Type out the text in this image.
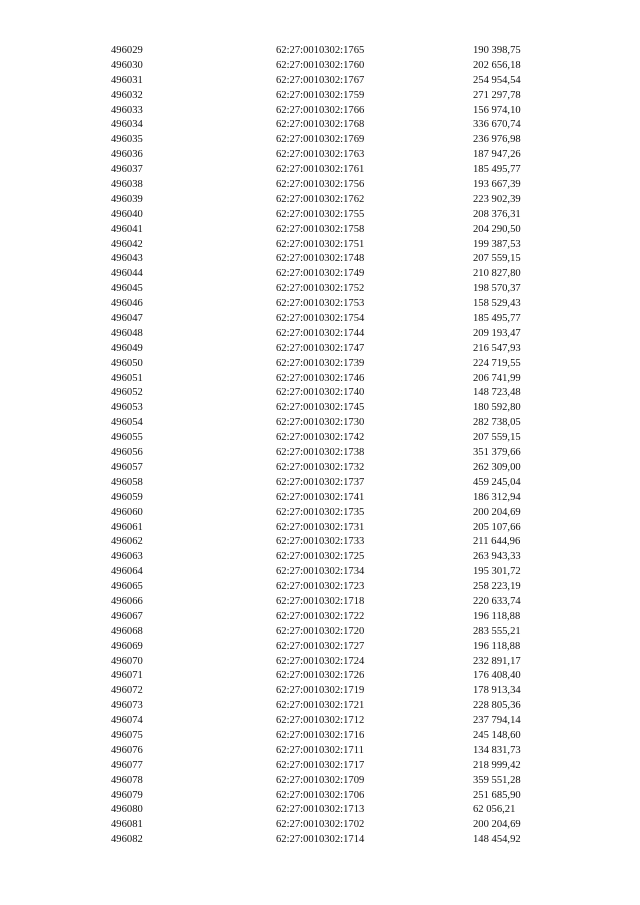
496029	62:27:0010302:1765	190 398,75
496030	62:27:0010302:1760	202 656,18
496031	62:27:0010302:1767	254 954,54
496032	62:27:0010302:1759	271 297,78
496033	62:27:0010302:1766	156 974,10
496034	62:27:0010302:1768	336 670,74
496035	62:27:0010302:1769	236 976,98
496036	62:27:0010302:1763	187 947,26
496037	62:27:0010302:1761	185 495,77
496038	62:27:0010302:1756	193 667,39
496039	62:27:0010302:1762	223 902,39
496040	62:27:0010302:1755	208 376,31
496041	62:27:0010302:1758	204 290,50
496042	62:27:0010302:1751	199 387,53
496043	62:27:0010302:1748	207 559,15
496044	62:27:0010302:1749	210 827,80
496045	62:27:0010302:1752	198 570,37
496046	62:27:0010302:1753	158 529,43
496047	62:27:0010302:1754	185 495,77
496048	62:27:0010302:1744	209 193,47
496049	62:27:0010302:1747	216 547,93
496050	62:27:0010302:1739	224 719,55
496051	62:27:0010302:1746	206 741,99
496052	62:27:0010302:1740	148 723,48
496053	62:27:0010302:1745	180 592,80
496054	62:27:0010302:1730	282 738,05
496055	62:27:0010302:1742	207 559,15
496056	62:27:0010302:1738	351 379,66
496057	62:27:0010302:1732	262 309,00
496058	62:27:0010302:1737	459 245,04
496059	62:27:0010302:1741	186 312,94
496060	62:27:0010302:1735	200 204,69
496061	62:27:0010302:1731	205 107,66
496062	62:27:0010302:1733	211 644,96
496063	62:27:0010302:1725	263 943,33
496064	62:27:0010302:1734	195 301,72
496065	62:27:0010302:1723	258 223,19
496066	62:27:0010302:1718	220 633,74
496067	62:27:0010302:1722	196 118,88
496068	62:27:0010302:1720	283 555,21
496069	62:27:0010302:1727	196 118,88
496070	62:27:0010302:1724	232 891,17
496071	62:27:0010302:1726	176 408,40
496072	62:27:0010302:1719	178 913,34
496073	62:27:0010302:1721	228 805,36
496074	62:27:0010302:1712	237 794,14
496075	62:27:0010302:1716	245 148,60
496076	62:27:0010302:1711	134 831,73
496077	62:27:0010302:1717	218 999,42
496078	62:27:0010302:1709	359 551,28
496079	62:27:0010302:1706	251 685,90
496080	62:27:0010302:1713	62 056,21
496081	62:27:0010302:1702	200 204,69
496082	62:27:0010302:1714	148 454,92
